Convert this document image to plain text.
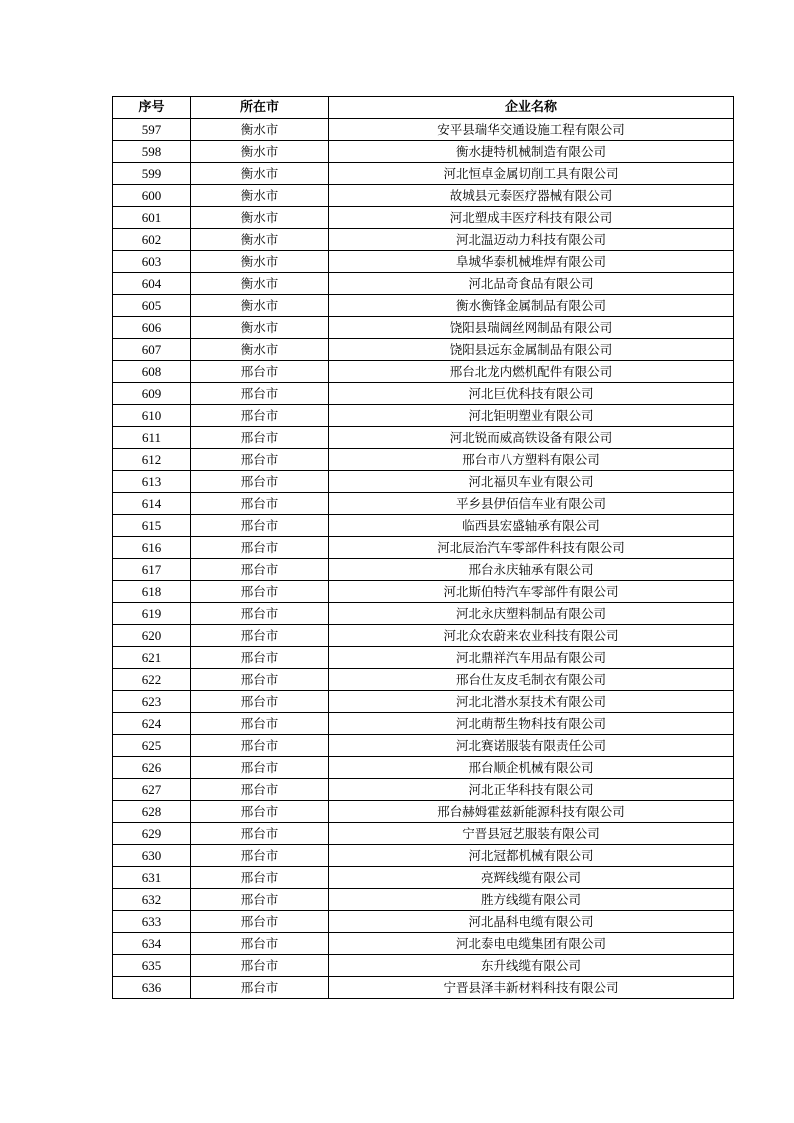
序号	所在市	企业名称
597	衡水市	安平县瑞华交通设施工程有限公司
598	衡水市	衡水捷特机械制造有限公司
599	衡水市	河北恒卓金属切削工具有限公司
600	衡水市	故城县元泰医疗器械有限公司
601	衡水市	河北塑成丰医疗科技有限公司
602	衡水市	河北温迈动力科技有限公司
603	衡水市	阜城华泰机械堆焊有限公司
604	衡水市	河北品奇食品有限公司
605	衡水市	衡水衡锋金属制品有限公司
606	衡水市	饶阳县瑞阔丝网制品有限公司
607	衡水市	饶阳县远东金属制品有限公司
608	邢台市	邢台北龙内燃机配件有限公司
609	邢台市	河北巨优科技有限公司
610	邢台市	河北钜明塑业有限公司
611	邢台市	河北锐而威高铁设备有限公司
612	邢台市	邢台市八方塑料有限公司
613	邢台市	河北福贝车业有限公司
614	邢台市	平乡县伊佰信车业有限公司
615	邢台市	临西县宏盛轴承有限公司
616	邢台市	河北辰治汽车零部件科技有限公司
617	邢台市	邢台永庆轴承有限公司
618	邢台市	河北斯伯特汽车零部件有限公司
619	邢台市	河北永庆塑料制品有限公司
620	邢台市	河北众农蔚来农业科技有限公司
621	邢台市	河北鼎祥汽车用品有限公司
622	邢台市	邢台仕友皮毛制衣有限公司
623	邢台市	河北北潜水泵技术有限公司
624	邢台市	河北萌帮生物科技有限公司
625	邢台市	河北赛诺服装有限责任公司
626	邢台市	邢台顺企机械有限公司
627	邢台市	河北正华科技有限公司
628	邢台市	邢台赫姆霍兹新能源科技有限公司
629	邢台市	宁晋县冠艺服装有限公司
630	邢台市	河北冠都机械有限公司
631	邢台市	亮辉线缆有限公司
632	邢台市	胜方线缆有限公司
633	邢台市	河北晶科电缆有限公司
634	邢台市	河北泰电电缆集团有限公司
635	邢台市	东升线缆有限公司
636	邢台市	宁晋县泽丰新材料科技有限公司
